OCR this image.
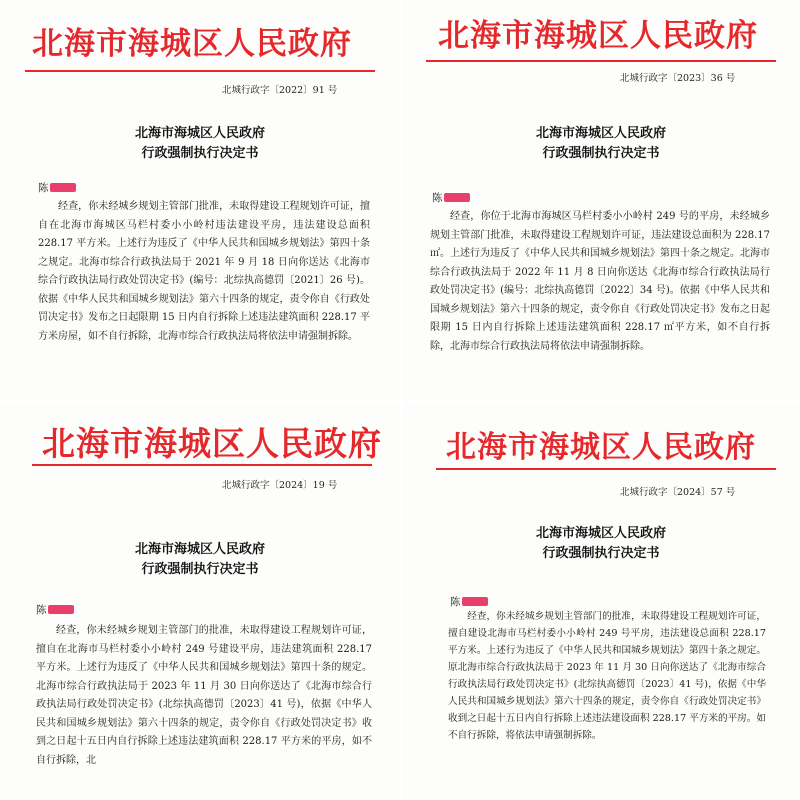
北海市海城区人民政府
北城行政字〔2022〕91 号
北海市海城区人民政府
行政强制执行决定书
陈
经查，你未经城乡规划主管部门批准，未取得建设工程规划许可证，擅自在北海市海城区马栏村委小小岭村违法建设平房，违法建设总面积 228.17 平方米。上述行为违反了《中华人民共和国城乡规划法》第四十条之规定。北海市综合行政执法局于 2021 年 9 月 18 日向你送达《北海市综合行政执法局行政处罚决定书》(编号：北综执高德罚〔2021〕26 号)。依据《中华人民共和国城乡规划法》第六十四条的规定，责令你自《行政处罚决定书》发布之日起限期 15 日内自行拆除上述违法建筑面积 228.17 平方米房屋，如不自行拆除，北海市综合行政执法局将依法申请强制拆除。
北海市海城区人民政府
北城行政字〔2023〕36 号
北海市海城区人民政府
行政强制执行决定书
陈
经查，你位于北海市海城区马栏村委小小岭村 249 号的平房，未经城乡规划主管部门批准，未取得建设工程规划许可证，违法建设总面积为 228.17 ㎡。上述行为违反了《中华人民共和国城乡规划法》第四十条之规定。北海市综合行政执法局于 2022 年 11 月 8 日向你送达《北海市综合行政执法局行政处罚决定书》(编号：北综执高德罚〔2022〕34 号)。依据《中华人民共和国城乡规划法》第六十四条的规定，责令你自《行政处罚决定书》发布之日起限期 15 日内自行拆除上述违法建筑面积 228.17 ㎡平方米，如不自行拆除，北海市综合行政执法局将依法申请强制拆除。
北海市海城区人民政府
北城行政字〔2024〕19 号
北海市海城区人民政府
行政强制执行决定书
陈
经查，你未经城乡规划主管部门的批准，未取得建设工程规划许可证，擅自在北海市马栏村委小小岭村 249 号建设平房，违法建筑面积 228.17 平方米。上述行为违反了《中华人民共和国城乡规划法》第四十条的规定。北海市综合行政执法局于 2023 年 11 月 30 日向你送达了《北海市综合行政执法局行政处罚决定书》(北综执高德罚〔2023〕41 号)，依据《中华人民共和国城乡规划法》第六十四条的规定，责令你自《行政处罚决定书》收到之日起十五日内自行拆除上述违法建筑面积 228.17 平方米的平房，如不自行拆除，北
北海市海城区人民政府
北城行政字〔2024〕57 号
北海市海城区人民政府
行政强制执行决定书
陈
经查，你未经城乡规划主管部门的批准，未取得建设工程规划许可证，擅自建设北海市马栏村委小小岭村 249 号平房，违法建设总面积 228.17 平方米。上述行为违反了《中华人民共和国城乡规划法》第四十条之规定。原北海市综合行政执法局于 2023 年 11 月 30 日向你送达了《北海市综合行政执法局行政处罚决定书》(北综执高德罚〔2023〕41 号)，依据《中华人民共和国城乡规划法》第六十四条的规定，责令你自《行政处罚决定书》收到之日起十五日内自行拆除上述违法建设面积 228.17 平方米的平房。如不自行拆除，将依法申请强制拆除。
